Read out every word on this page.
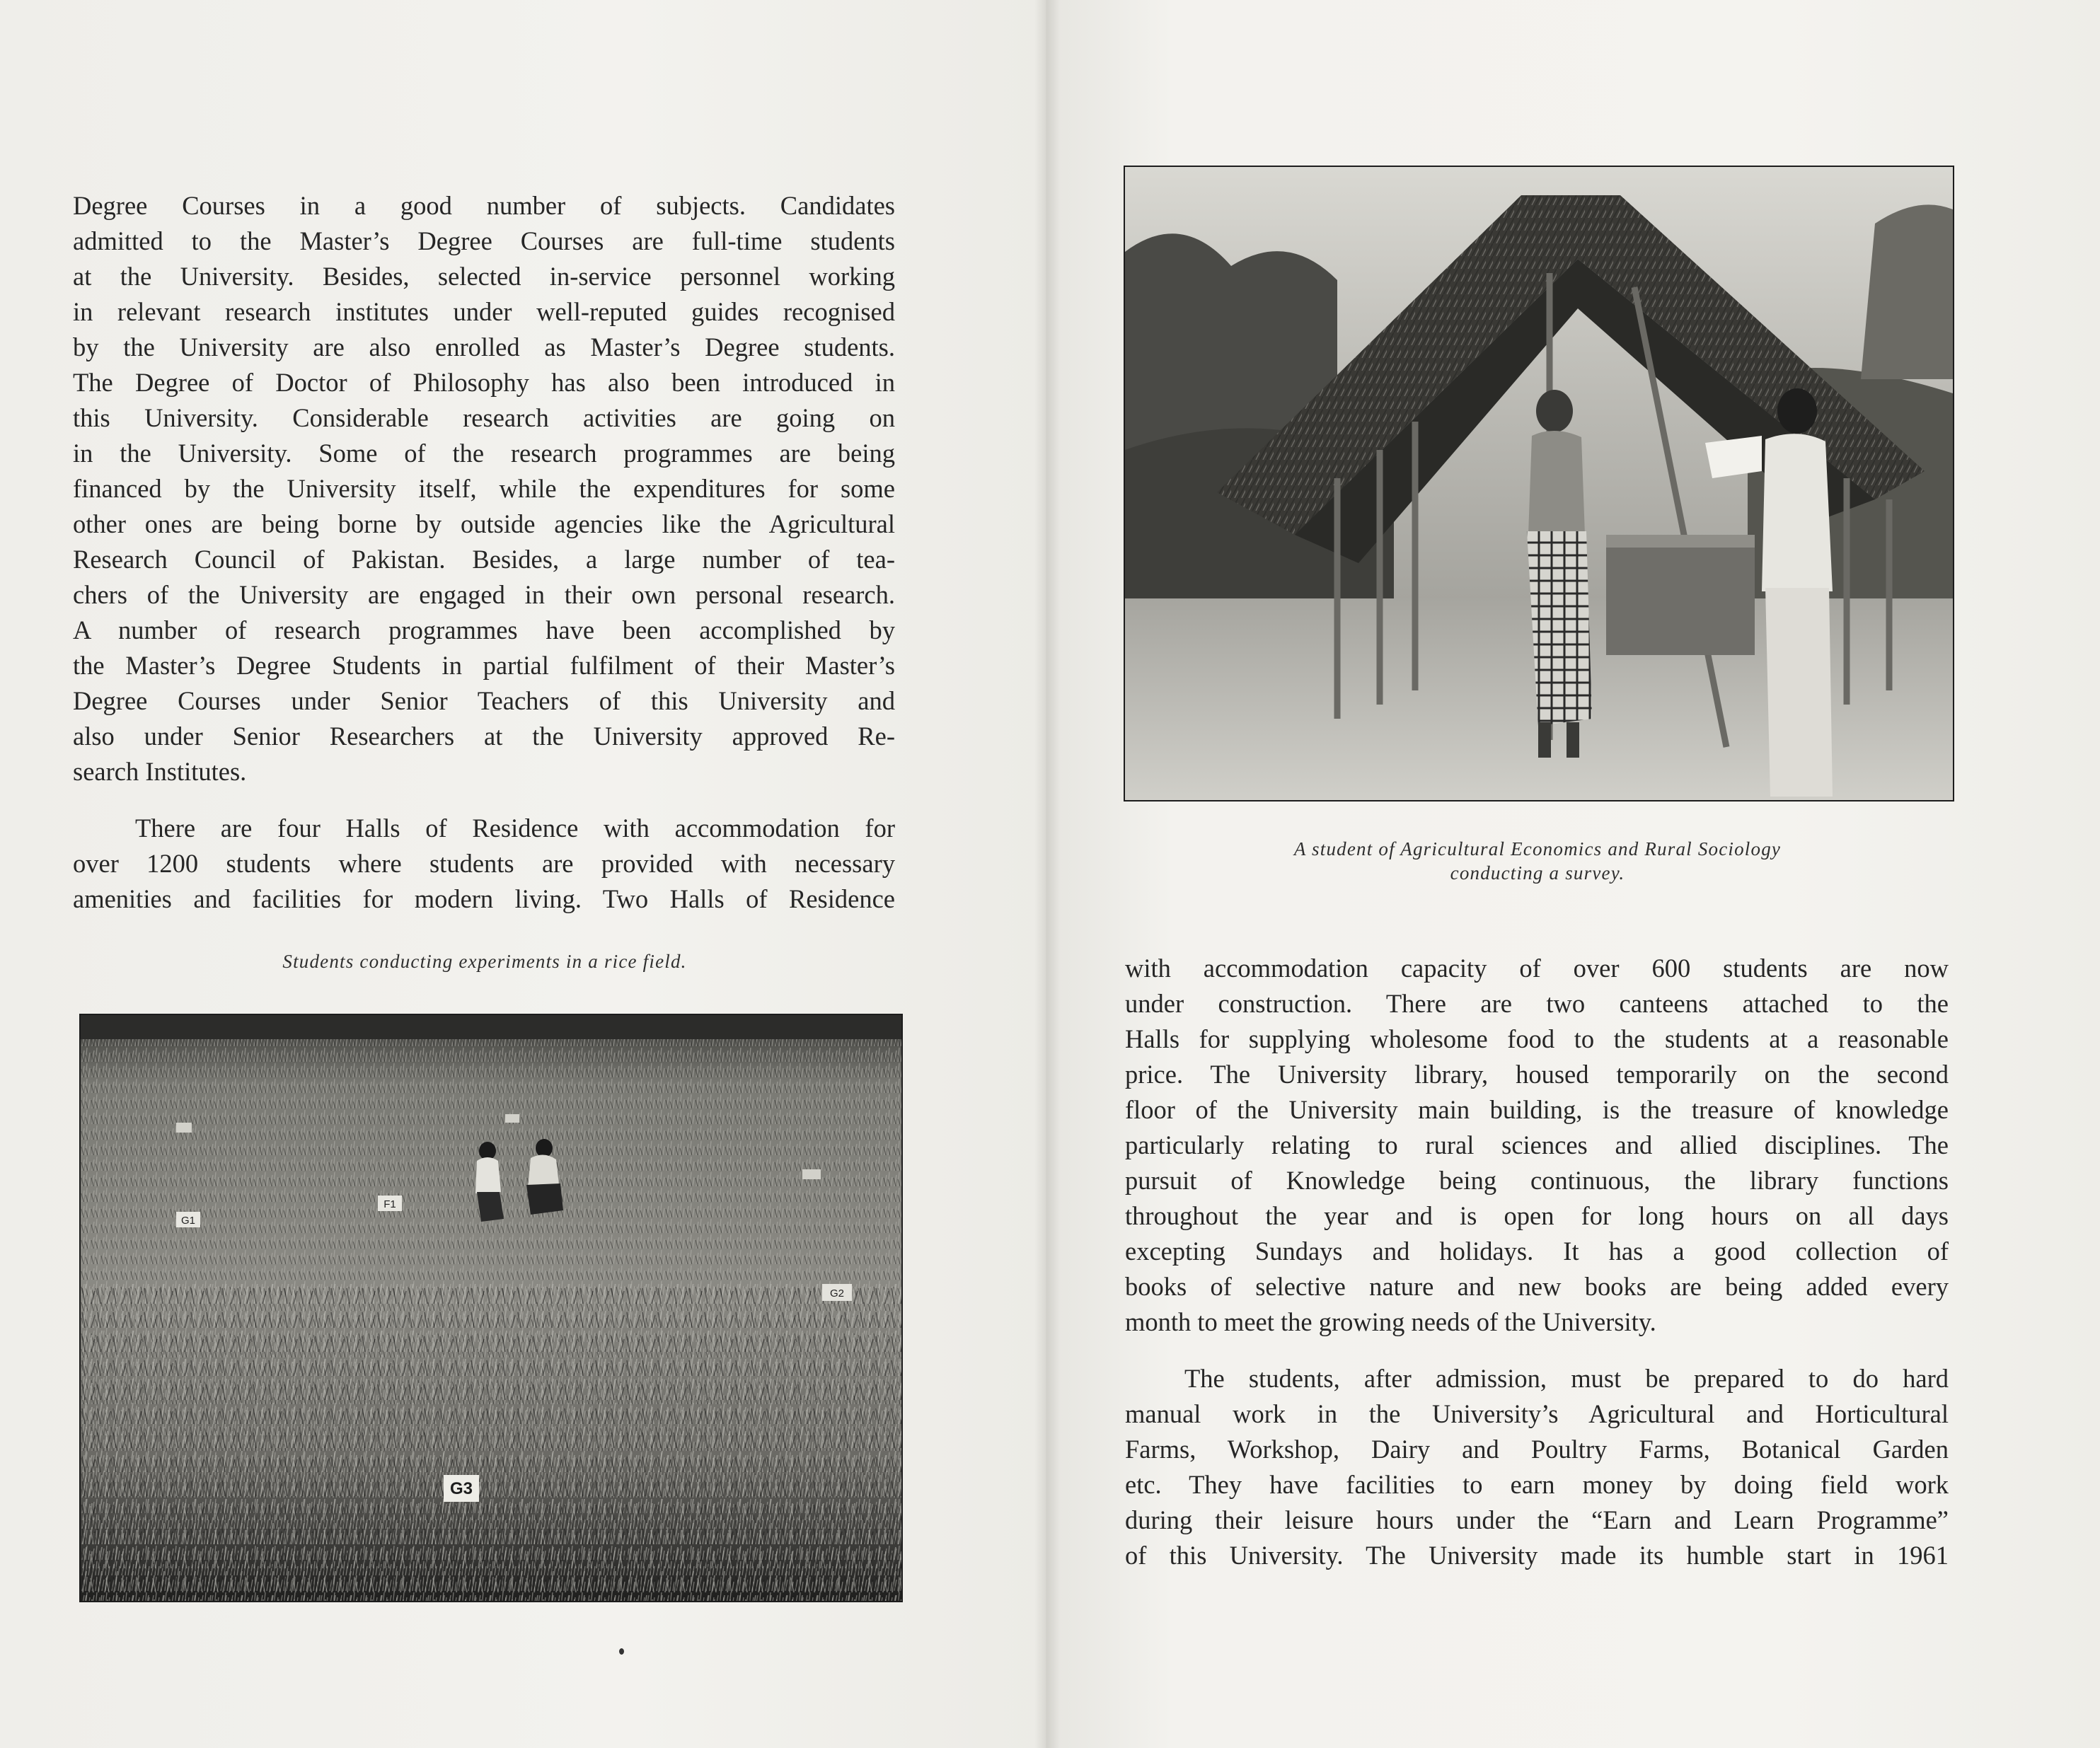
Degree Courses in a good number of subjects. Candidates
admitted to the Master’s Degree Courses are full-time students
at the University. Besides, selected in-service personnel working
in relevant research institutes under well-reputed guides recognised
by the University are also enrolled as Master’s Degree students.
The Degree of Doctor of Philosophy has also been introduced in
this University. Considerable research activities are going on
in the University. Some of the research programmes are being
financed by the University itself, while the expenditures for some
other ones are being borne by outside agencies like the Agricultural
Research Council of Pakistan. Besides, a large number of tea-
chers of the University are engaged in their own personal research.
A number of research programmes have been accomplished by
the Master’s Degree Students in partial fulfilment of their Master’s
Degree Courses under Senior Teachers of this University and
also under Senior Researchers at the University approved Re-
search Institutes.
There are four Halls of Residence with accommodation for
over 1200 students where students are provided with necessary
amenities and facilities for modern living. Two Halls of Residence

Students conducting experiments in a rice field.

G1
F1
G2
G3

A student of Agricultural Economics and Rural Sociology
conducting a survey.

with accommodation capacity of over 600 students are now
under construction. There are two canteens attached to the
Halls for supplying wholesome food to the students at a reasonable
price. The University library, housed temporarily on the second
floor of the University main building, is the treasure of knowledge
particularly relating to rural sciences and allied disciplines. The
pursuit of Knowledge being continuous, the library functions
throughout the year and is open for long hours on all days
excepting Sundays and holidays. It has a good collection of
books of selective nature and new books are being added every
month to meet the growing needs of the University.
The students, after admission, must be prepared to do hard
manual work in the University’s Agricultural and Horticultural
Farms, Workshop, Dairy and Poultry Farms, Botanical Garden
etc. They have facilities to earn money by doing field work
during their leisure hours under the “Earn and Learn Programme”
of this University. The University made its humble start in 1961
